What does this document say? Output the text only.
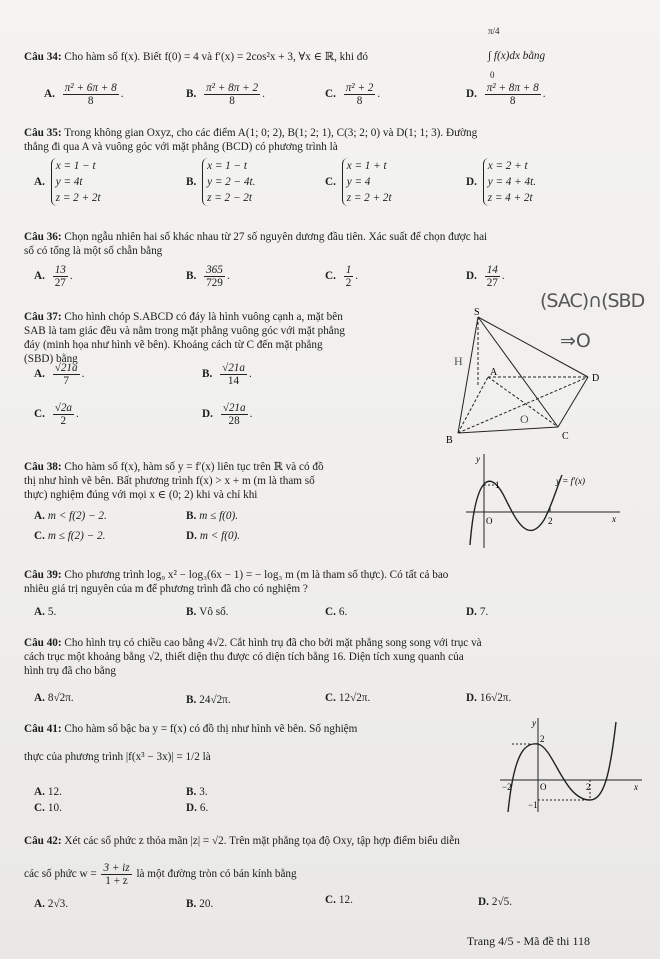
Câu 34: Cho hàm số f(x). Biết f(0) = 4 và f′(x) = 2cos²x + 3, ∀x ∈ ℝ, khi đó
π/4
0
∫ f(x)dx bằng
A. $\frac{\text{π² + 6π + 8}}{8}$ .	B. $\frac{\text{π² + 8π + 2}}{8}$ .	C. $\frac{\text{π² + 2}}{8}$ .	D. $\frac{\text{π² + 8π + 8}}{8}$ .
Câu 35: Trong không gian Oxyz, cho các điểm A(1; 0; 2), B(1; 2; 1), C(3; 2; 0) và D(1; 1; 3). Đường
thẳng đi qua A và vuông góc với mặt phẳng (BCD) có phương trình là
A. x = 1 − t
y = 4t
z = 2 + 2t
B. x = 1 − t
y = 2 − 4t.
z = 2 − 2t
C. x = 1 + t
y = 4
z = 2 + 2t
D. x = 2 + t
y = 4 + 4t.
z = 4 + 2t
Câu 36: Chọn ngẫu nhiên hai số khác nhau từ 27 số nguyên dương đầu tiên. Xác suất để chọn được hai
số có tổng là một số chẵn bằng
A. $\frac{13}{27}$ .	B. $\frac{365}{729}$ .	C. $\frac{1}{2}$ .	D. $\frac{14}{27}$ .
(SAC)∩(SBD
⇒O
Câu 37: Cho hình chóp S.ABCD có đáy là hình vuông cạnh a, mặt bên
SAB là tam giác đều và nằm trong mặt phẳng vuông góc với mặt phẳng
đáy (minh họa như hình vẽ bên). Khoảng cách từ C đến mặt phẳng
(SBD) bằng
A. $\frac{√21a}{7}$ .	B. $\frac{√21a}{14}$ .
C. $\frac{√2a}{2}$ .	D. $\frac{√21a}{28}$ .
S
A
B	C
D
H
O
Câu 38: Cho hàm số f(x), hàm số y = f′(x) liên tục trên ℝ và có đồ
thị như hình vẽ bên. Bất phương trình f(x) > x + m (m là tham số
thực) nghiệm đúng với mọi x ∈ (0; 2) khi và chỉ khi
A. m < f(2) − 2.	B. m ≤ f(0).
C. m ≤ f(2) − 2.	D. m < f(0).
y
x
O	2
1	y = f′(x)
Câu 39: Cho phương trình log₉ x² − log₃(6x − 1) = − log₃ m (m là tham số thực). Có tất cả bao
nhiêu giá trị nguyên của m để phương trình đã cho có nghiệm ?
A. 5.	B. Vô số.	C. 6.	D. 7.
Câu 40: Cho hình trụ có chiều cao bằng 4√2. Cắt hình trụ đã cho bởi mặt phẳng song song với trục và
cách trục một khoảng bằng √2, thiết diện thu được có diện tích bằng 16. Diện tích xung quanh của
hình trụ đã cho bằng
A. 8√2π.	B. 24√2π.	C. 12√2π.	D. 16√2π.
Câu 41: Cho hàm số bậc ba y = f(x) có đồ thị như hình vẽ bên. Số nghiệm

thực của phương trình |f(x³ − 3x)| = 1/2 là
A. 12.	B. 3.
C. 10.	D. 6.
y
x
O
2
−1
−2	2
Câu 42: Xét các số phức z thỏa mãn |z| = √2. Trên mặt phẳng tọa độ Oxy, tập hợp điểm biểu diễn
các số phức $w = \frac{3 + iz}{1 + z}$ là một đường tròn có bán kính bằng
A. 2√3.	B. 20.	C. 12.	D. 2√5.
Trang 4/5 - Mã đề thi 118
